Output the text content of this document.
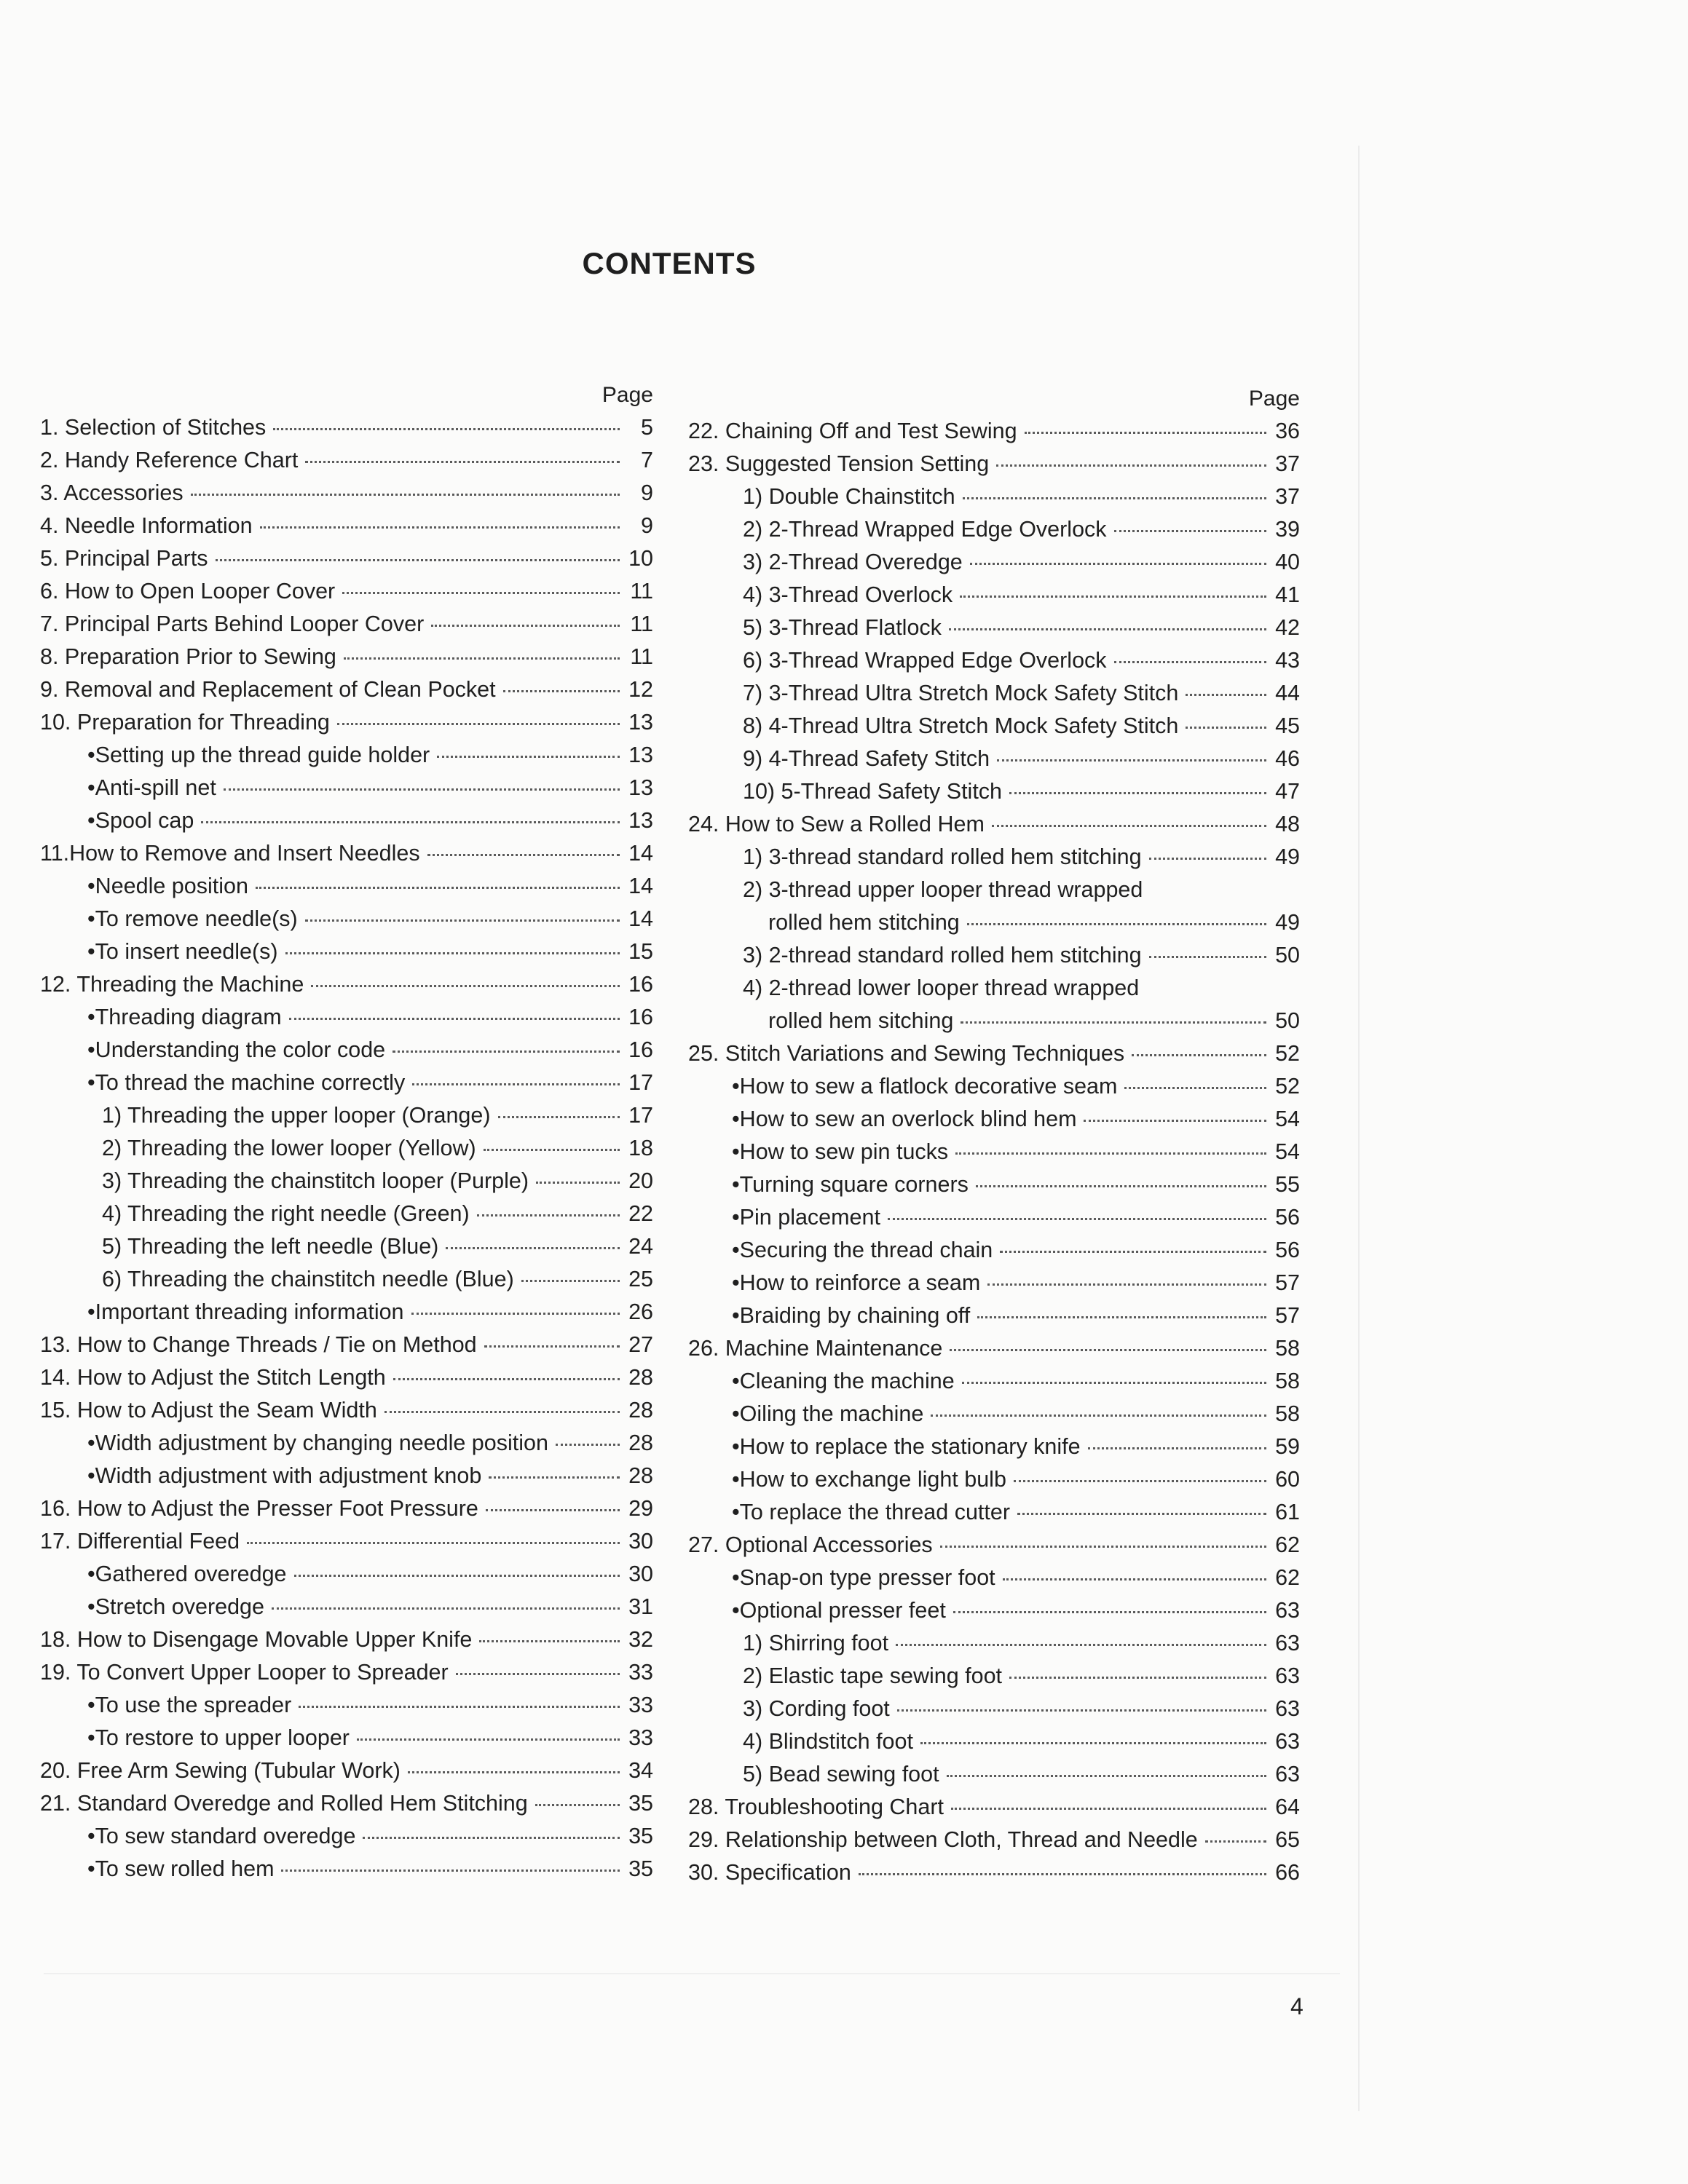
CONTENTS
Page
1. Selection of Stitches	5
2. Handy Reference Chart	7
3. Accessories	9
4. Needle Information	9
5. Principal Parts	10
6. How to Open Looper Cover	11
7. Principal Parts Behind Looper Cover	11
8. Preparation Prior to Sewing	11
9. Removal and Replacement of Clean Pocket	12
10. Preparation for Threading	13
•Setting up the thread guide holder	13
•Anti-spill net	13
•Spool cap	13
11.How to Remove and Insert Needles	14
•Needle position	14
•To remove needle(s)	14
•To insert needle(s)	15
12. Threading the Machine	16
•Threading diagram	16
•Understanding the color code	16
•To thread the machine correctly	17
1) Threading the upper looper (Orange)	17
2) Threading the lower looper (Yellow)	18
3) Threading the chainstitch looper (Purple)	20
4) Threading the right needle (Green)	22
5) Threading the left needle (Blue)	24
6) Threading the chainstitch needle (Blue)	25
•Important threading information	26
13. How to Change Threads / Tie on Method	27
14. How to Adjust the Stitch Length	28
15. How to Adjust the Seam Width	28
•Width adjustment by changing needle position	28
•Width adjustment with adjustment knob	28
16. How to Adjust the Presser Foot Pressure	29
17. Differential Feed	30
•Gathered overedge	30
•Stretch overedge	31
18. How to Disengage Movable Upper Knife	32
19. To Convert Upper Looper to Spreader	33
•To use the spreader	33
•To restore to upper looper	33
20. Free Arm Sewing (Tubular Work)	34
21. Standard Overedge and Rolled Hem Stitching	35
•To sew standard overedge	35
•To sew rolled hem	35
Page
22. Chaining Off and Test Sewing	36
23. Suggested Tension Setting	37
1) Double Chainstitch	37
2) 2-Thread Wrapped Edge Overlock	39
3) 2-Thread Overedge	40
4) 3-Thread Overlock	41
5) 3-Thread Flatlock	42
6) 3-Thread Wrapped Edge Overlock	43
7) 3-Thread Ultra Stretch Mock Safety Stitch	44
8) 4-Thread Ultra Stretch Mock Safety Stitch	45
9) 4-Thread Safety Stitch	46
10) 5-Thread Safety Stitch	47
24. How to Sew a Rolled Hem	48
1) 3-thread standard rolled hem stitching	49
2) 3-thread upper looper thread wrapped
rolled hem stitching	49
3) 2-thread standard rolled hem stitching	50
4) 2-thread lower looper thread wrapped
rolled hem sitching	50
25. Stitch Variations and Sewing Techniques	52
•How to sew a flatlock decorative seam	52
•How to sew an overlock blind hem	54
•How to sew pin tucks	54
•Turning square corners	55
•Pin placement	56
•Securing the thread chain	56
•How to reinforce a seam	57
•Braiding by chaining off	57
26. Machine Maintenance	58
•Cleaning the machine	58
•Oiling the machine	58
•How to replace the stationary knife	59
•How to exchange light bulb	60
•To replace the thread cutter	61
27. Optional Accessories	62
•Snap-on type presser foot	62
•Optional presser feet	63
1) Shirring foot	63
2) Elastic tape sewing foot	63
3) Cording foot	63
4) Blindstitch foot	63
5) Bead sewing foot	63
28. Troubleshooting Chart	64
29. Relationship between Cloth, Thread and Needle	65
30. Specification	66
4
